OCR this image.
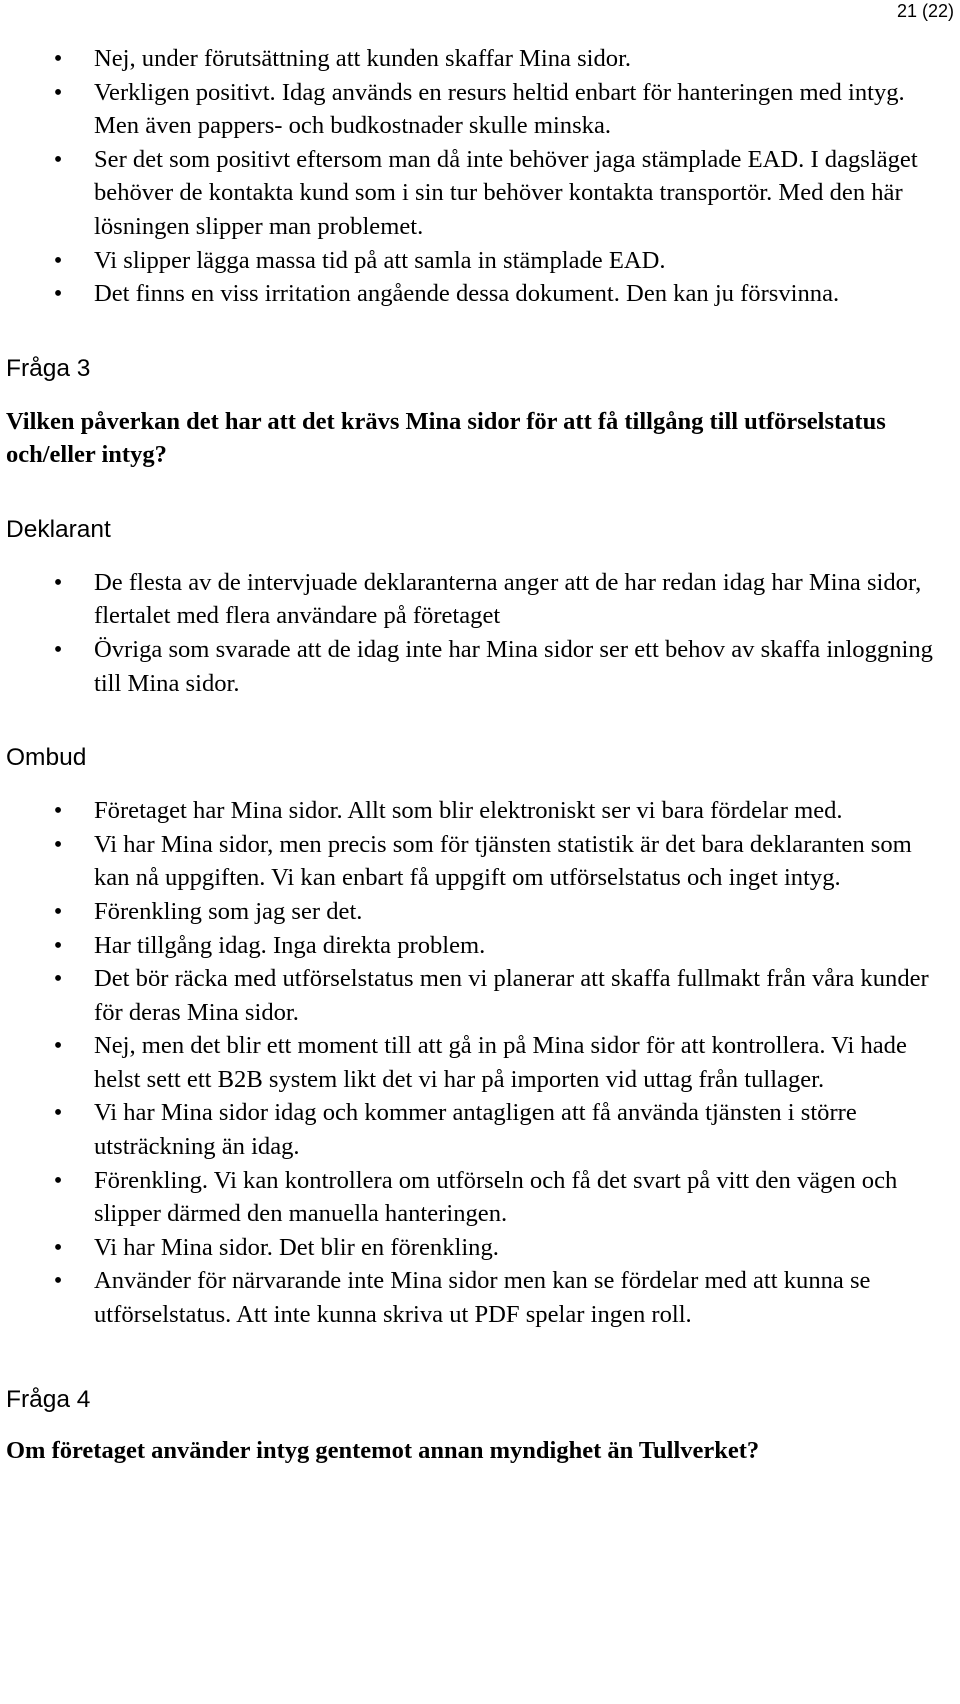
21 (22)
• Nej, under förutsättning att kunden skaffar Mina sidor.
• Verkligen positivt. Idag används en resurs heltid enbart för hanteringen med intyg. Men även pappers- och budkostnader skulle minska.
• Ser det som positivt eftersom man då inte behöver jaga stämplade EAD. I dagsläget behöver de kontakta kund som i sin tur behöver kontakta transportör. Med den här lösningen slipper man problemet.
• Vi slipper lägga massa tid på att samla in stämplade EAD.
• Det finns en viss irritation angående dessa dokument. Den kan ju försvinna.
Fråga 3

Vilken påverkan det har att det krävs Mina sidor för att få tillgång till utförselstatus och/eller intyg?

Deklarant
• De flesta av de intervjuade deklaranterna anger att de har redan idag har Mina sidor, flertalet med flera användare på företaget
• Övriga som svarade att de idag inte har Mina sidor ser ett behov av skaffa inloggning till Mina sidor.
Ombud
• Företaget har Mina sidor. Allt som blir elektroniskt ser vi bara fördelar med.
• Vi har Mina sidor, men precis som för tjänsten statistik är det bara deklaranten som kan nå uppgiften. Vi kan enbart få uppgift om utförselstatus och inget intyg.
• Förenkling som jag ser det.
• Har tillgång idag. Inga direkta problem.
• Det bör räcka med utförselstatus men vi planerar att skaffa fullmakt från våra kunder för deras Mina sidor.
• Nej, men det blir ett moment till att gå in på Mina sidor för att kontrollera. Vi hade helst sett ett B2B system likt det vi har på importen vid uttag från tullager.
• Vi har Mina sidor idag och kommer antagligen att få använda tjänsten i större utsträckning än idag.
• Förenkling. Vi kan kontrollera om utförseln och få det svart på vitt den vägen och slipper därmed den manuella hanteringen.
• Vi har Mina sidor. Det blir en förenkling.
• Använder för närvarande inte Mina sidor men kan se fördelar med att kunna se utförselstatus. Att inte kunna skriva ut PDF spelar ingen roll.
Fråga 4

Om företaget använder intyg gentemot annan myndighet än Tullverket?
